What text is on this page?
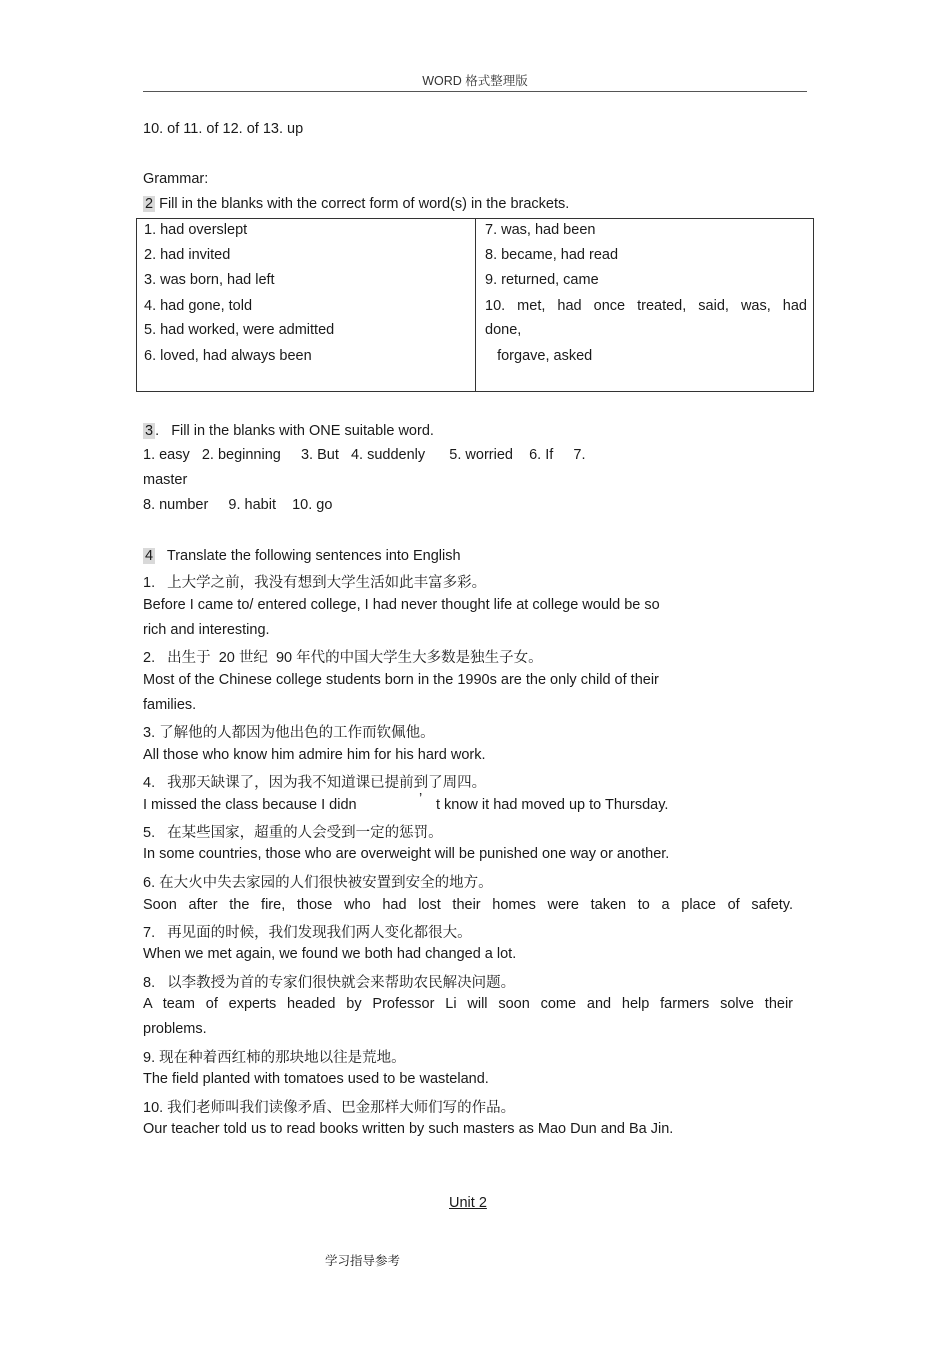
WORD 格式整理版
10. of 11. of 12. of 13. up
Grammar:
2 Fill in the blanks with the correct form of word(s) in the brackets.
1. had overslept
2. had invited
3. was born, had left
4. had gone, told
5. had worked, were admitted
6. loved, had always been

7. was, had been
8. became, had read
9. returned, came
10. met, had once treated, said, was, had
done,
forgave, asked
3 .   Fill in the blanks with ONE suitable word.
1. easy   2. beginning     3. But   4. suddenly      5. worried    6. If     7.
master
8. number     9. habit    10. go
4   Translate the following sentences into English
1.   上大学之前，我没有想到大学生活如此丰富多彩。
Before I came to/ entered college, I had never thought life at college would be so
rich and interesting.
2.   出生于  20 世纪  90 年代的中国大学生大多数是独生子女。
Most of the Chinese college students born in the 1990s are the only child of their
families.
3. 了解他的人都因为他出色的工作而钦佩他。
All those who know him admire him for his hard work.
4.   我那天缺课了，因为我不知道课已提前到了周四。
I missed the class because I didn	’ t know it had moved up to Thursday.
5.   在某些国家，超重的人会受到一定的惩罚。
In some countries, those who are overweight will be punished one way or another.
6. 在大火中失去家园的人们很快被安置到安全的地方。
Soon after the fire, those who had lost their homes were taken to a place of safety.
7.   再见面的时候，我们发现我们两人变化都很大。
When we met again, we found we both had changed a lot.
8.   以李教授为首的专家们很快就会来帮助农民解决问题。
A team of experts headed by Professor Li will soon come and help farmers solve their
problems.
9. 现在种着西红柿的那块地以往是荒地。
The field planted with tomatoes used to be wasteland.
10. 我们老师叫我们读像矛盾、巴金那样大师们写的作品。
Our teacher told us to read books written by such masters as Mao Dun and Ba Jin.
Unit 2
学习指导参考
